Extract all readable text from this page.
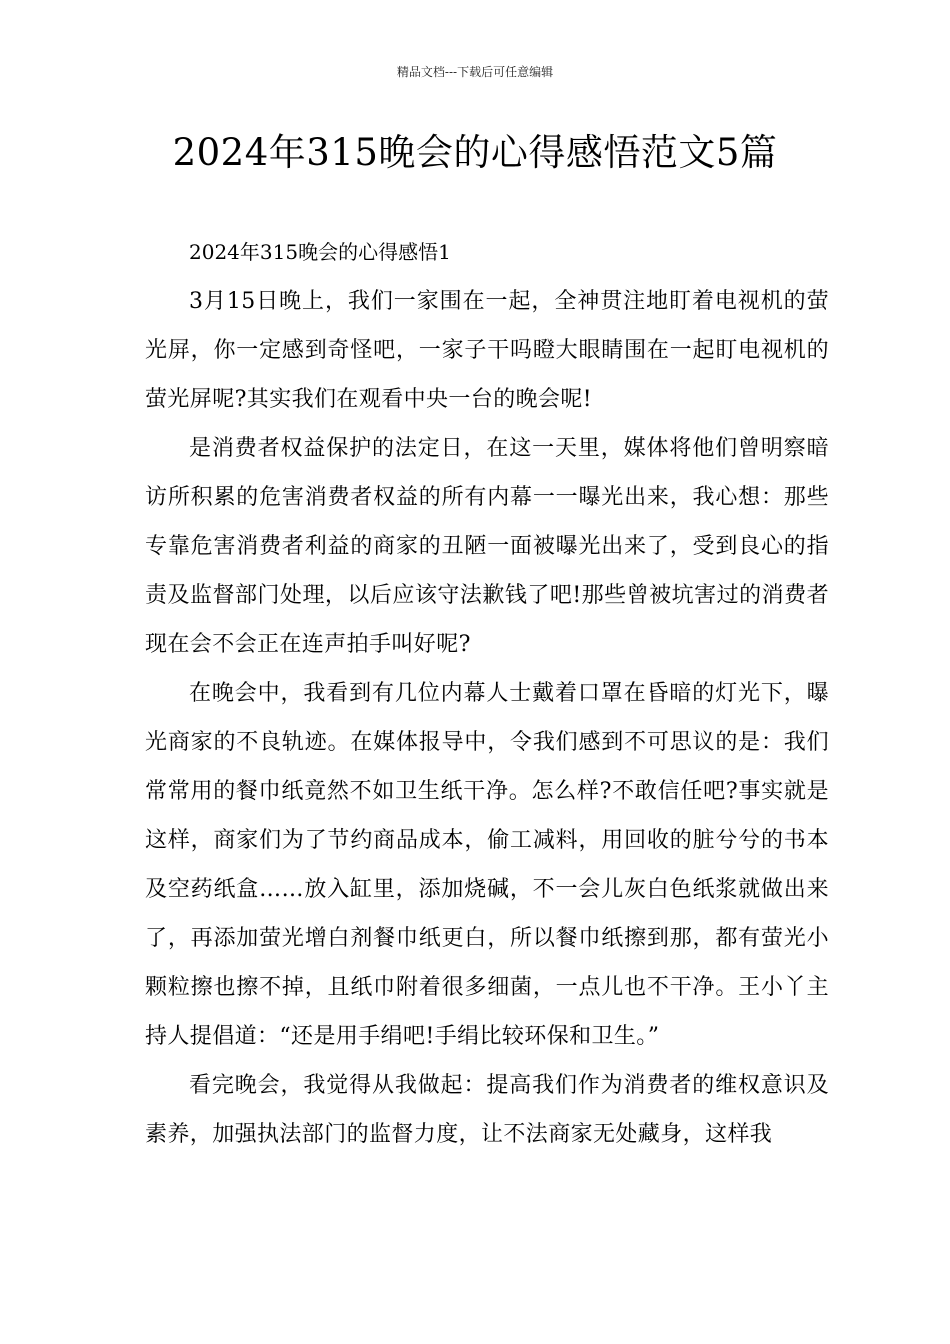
精品文档---下载后可任意编辑
2024年315晚会的心得感悟范文5篇

2024年315晚会的心得感悟1

3月15日晚上，我们一家围在一起，全神贯注地盯着电视机的萤光屏，你一定感到奇怪吧，一家子干吗瞪大眼睛围在一起盯电视机的萤光屏呢?其实我们在观看中央一台的晚会呢!

是消费者权益保护的法定日，在这一天里，媒体将他们曾明察暗访所积累的危害消费者权益的所有内幕一一曝光出来，我心想：那些专靠危害消费者利益的商家的丑陋一面被曝光出来了，受到良心的指责及监督部门处理，以后应该守法歉钱了吧!那些曾被坑害过的消费者现在会不会正在连声拍手叫好呢?

在晚会中，我看到有几位内幕人士戴着口罩在昏暗的灯光下，曝光商家的不良轨迹。在媒体报导中，令我们感到不可思议的是：我们常常用的餐巾纸竟然不如卫生纸干净。怎么样?不敢信任吧?事实就是这样，商家们为了节约商品成本，偷工减料，用回收的脏兮兮的书本及空药纸盒……放入缸里，添加烧碱，不一会儿灰白色纸浆就做出来了，再添加萤光增白剂餐巾纸更白，所以餐巾纸擦到那，都有萤光小颗粒擦也擦不掉，且纸巾附着很多细菌，一点儿也不干净。王小丫主持人提倡道：“还是用手绢吧!手绢比较环保和卫生。”

看完晚会，我觉得从我做起：提高我们作为消费者的维权意识及素养，加强执法部门的监督力度，让不法商家无处藏身，这样我
